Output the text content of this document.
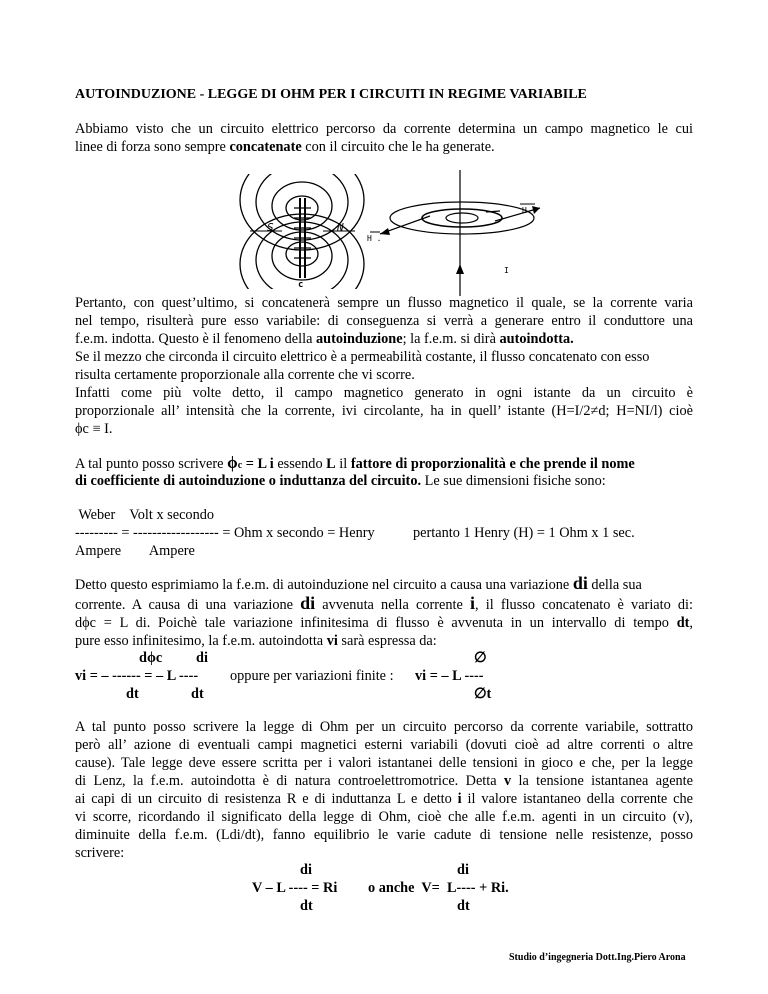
AUTOINDUZIONE - LEGGE DI OHM PER I CIRCUITI IN REGIME VARIABILE
Abbiamo visto che un circuito elettrico percorso da corrente determina un campo magnetico le cui
linee di forza sono sempre concatenate con il circuito che le ha generate.
S	N
c
H
H .
I
Pertanto, con quest’ultimo, si concatenerà sempre un flusso magnetico il quale, se la corrente varia
nel tempo, risulterà pure esso variabile: di conseguenza si verrà a generare entro il conduttore una
f.e.m. indotta. Questo è il fenomeno della autoinduzione; la f.e.m. si dirà autoindotta.
Se il mezzo che circonda il circuito elettrico è a permeabilità costante, il flusso concatenato con esso
risulta certamente proporzionale alla corrente che vi scorre.
Infatti come più volte detto, il campo magnetico generato in ogni istante da un circuito è
proporzionale all’ intensità che la corrente, ivi circolante, ha in quell’ istante (H=I/2≠d; H=NI/l) cioè
ϕc ≡ I.
A tal punto posso scrivere ϕc = L i essendo L il fattore di proporzionalità e che prende il nome
di coefficiente di autoinduzione o induttanza del circuito. Le sue dimensioni fisiche sono:
Weber    Volt x secondo
--------- = ------------------ = Ohm x secondo = Henry	pertanto 1 Henry (H) = 1 Ohm x 1 sec.
Ampere        Ampere
Detto questo esprimiamo la f.e.m. di autoinduzione nel circuito a causa una variazione di della sua
corrente. A causa di una variazione di avvenuta nella corrente i, il flusso concatenato è variato di:
dϕc = L di. Poichè tale variazione infinitesima di flusso è avvenuta in un intervallo di tempo dt,
pure esso infinitesimo, la f.e.m. autoindotta vi sarà espressa da:
dϕc di	∅
vi = – ------ = – L ---- oppure per variazioni finite : vi = – L ----
dt	dt	∅t
A tal punto posso scrivere la legge di Ohm per un circuito percorso da corrente variabile, sottratto
però all’ azione di eventuali campi magnetici esterni variabili (dovuti cioè ad altre correnti o altre
cause). Tale legge deve essere scritta per i valori istantanei delle tensioni in gioco e che, per la legge
di Lenz, la f.e.m. autoindotta è di natura controelettromotrice. Detta v la tensione istantanea agente
ai capi di un circuito di resistenza R e di induttanza L e detto i il valore istantaneo della corrente che
vi scorre, ricordando il significato della legge di Ohm, cioè che alle f.e.m. agenti in un circuito (v),
diminuite della f.e.m. (Ldi/dt), fanno equilibrio le varie cadute di tensione nelle resistenze, posso
scrivere:
di	di
V – L ---- = Ri o anche  V=  L---- + Ri.
dt	dt
Studio d’ingegneria Dott.Ing.Piero Arona
